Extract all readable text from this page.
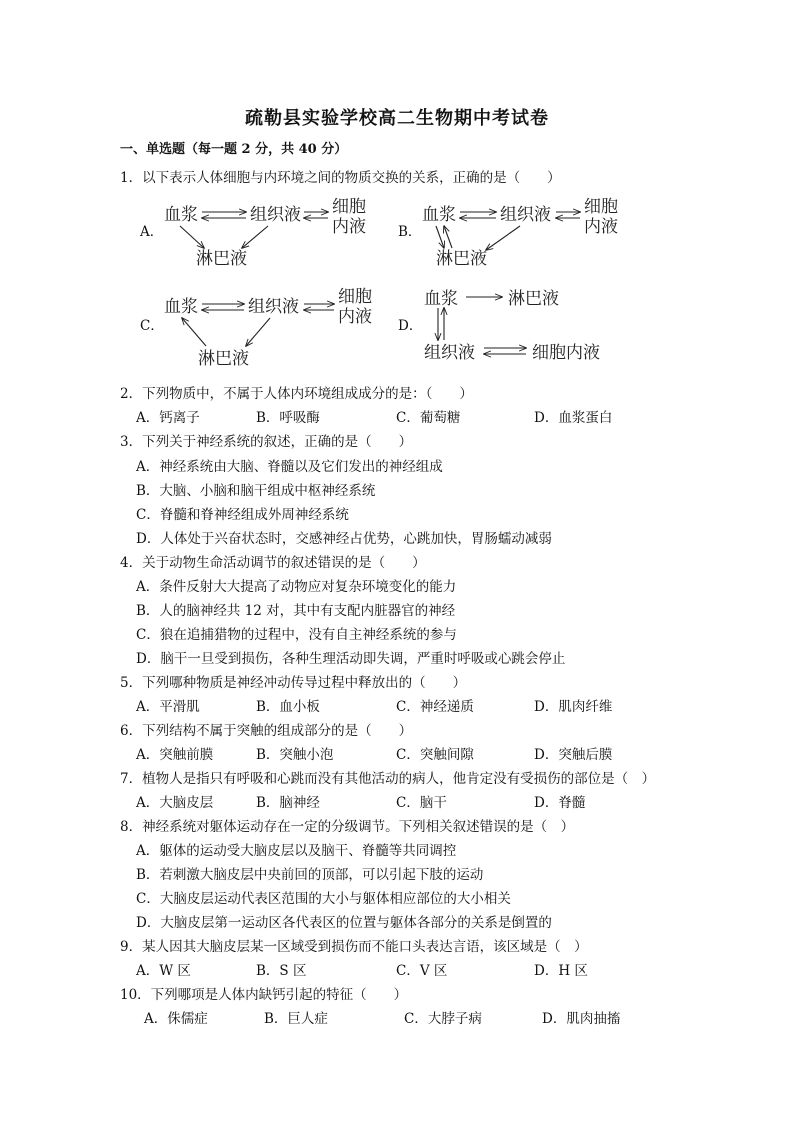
疏勒县实验学校高二生物期中考试卷
一、单选题（每一题 2 分，共 40 分）
1．以下表示人体细胞与内环境之间的物质交换的关系，正确的是（　　）
A．
血浆	组织液 细胞
内液
淋巴液
B．
血浆	组织液 细胞
内液
淋巴液
C．
血浆	组织液 细胞
内液
淋巴液
D．
血浆	淋巴液
组织液	细胞内液
2．下列物质中，不属于人体内环境组成成分的是：（　　）
A．钙离子	B．呼吸酶	C．葡萄糖	D．血浆蛋白
3．下列关于神经系统的叙述，正确的是（　　）
A．神经系统由大脑、脊髓以及它们发出的神经组成
B．大脑、小脑和脑干组成中枢神经系统
C．脊髓和脊神经组成外周神经系统
D．人体处于兴奋状态时，交感神经占优势，心跳加快，胃肠蠕动减弱
4．关于动物生命活动调节的叙述错误的是（　　）
A．条件反射大大提高了动物应对复杂环境变化的能力
B．人的脑神经共 12 对，其中有支配内脏器官的神经
C．狼在追捕猎物的过程中，没有自主神经系统的参与
D．脑干一旦受到损伤，各种生理活动即失调，严重时呼吸或心跳会停止
5．下列哪种物质是神经冲动传导过程中释放出的（　　）
A．平滑肌	B．血小板	C．神经递质	D．肌肉纤维
6．下列结构不属于突触的组成部分的是（　　）
A．突触前膜	B．突触小泡	C．突触间隙	D．突触后膜
7．植物人是指只有呼吸和心跳而没有其他活动的病人，他肯定没有受损伤的部位是（　）
A．大脑皮层	B．脑神经	C．脑干	D．脊髓
8．神经系统对躯体运动存在一定的分级调节。下列相关叙述错误的是（　）
A．躯体的运动受大脑皮层以及脑干、脊髓等共同调控
B．若刺激大脑皮层中央前回的顶部，可以引起下肢的运动
C．大脑皮层运动代表区范围的大小与躯体相应部位的大小相关
D．大脑皮层第一运动区各代表区的位置与躯体各部分的关系是倒置的
9．某人因其大脑皮层某一区域受到损伤而不能口头表达言语，该区域是（　）
A．W 区	B．S 区	C．V 区	D．H 区
10．下列哪项是人体内缺钙引起的特征（　　）
A．侏儒症	B．巨人症	C．大脖子病	D．肌肉抽搐
